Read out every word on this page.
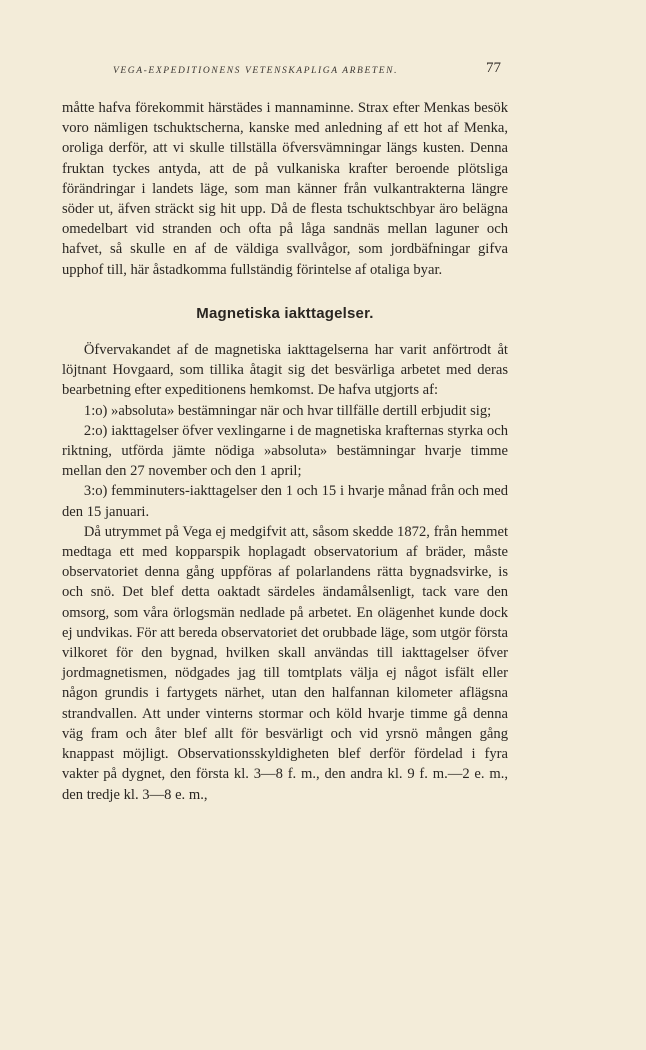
VEGA-EXPEDITIONENS VETENSKAPLIGA ARBETEN.	77

måtte hafva förekommit härstädes i mannaminne. Strax efter Menkas besök voro nämligen tschuktscherna, kanske med anledning af ett hot af Menka, oroliga derför, att vi skulle tillställa öfversvämningar längs kusten. Denna fruktan tyckes antyda, att de på vulkaniska krafter beroende plötsliga förändringar i landets läge, som man känner från vulkantrakterna längre söder ut, äfven sträckt sig hit upp. Då de flesta tschuktschbyar äro belägna omedelbart vid stranden och ofta på låga sandnäs mellan laguner och hafvet, så skulle en af de väldiga svallvågor, som jordbäfningar gifva upphof till, här åstadkomma fullständig förintelse af otaliga byar.

Magnetiska iakttagelser.

Öfvervakandet af de magnetiska iakttagelserna har varit anförtrodt åt löjtnant Hovgaard, som tillika åtagit sig det besvärliga arbetet med deras bearbetning efter expeditionens hemkomst. De hafva utgjorts af:

1:o) »absoluta» bestämningar när och hvar tillfälle dertill erbjudit sig;

2:o) iakttagelser öfver vexlingarne i de magnetiska krafternas styrka och riktning, utförda jämte nödiga »absoluta» bestämningar hvarje timme mellan den 27 november och den 1 april;

3:o) femminuters-iakttagelser den 1 och 15 i hvarje månad från och med den 15 januari.

Då utrymmet på Vega ej medgifvit att, såsom skedde 1872, från hemmet medtaga ett med kopparspik hoplagadt observatorium af bräder, måste observatoriet denna gång uppföras af polarlandens rätta bygnadsvirke, is och snö. Det blef detta oaktadt särdeles ändamålsenligt, tack vare den omsorg, som våra örlogsmän nedlade på arbetet. En olägenhet kunde dock ej undvikas. För att bereda observatoriet det orubbade läge, som utgör första vilkoret för den bygnad, hvilken skall användas till iakttagelser öfver jordmagnetismen, nödgades jag till tomtplats välja ej något isfält eller någon grundis i fartygets närhet, utan den halfannan kilometer aflägsna strandvallen. Att under vinterns stormar och köld hvarje timme gå denna väg fram och åter blef allt för besvärligt och vid yrsnö mången gång knappast möjligt. Observationsskyldigheten blef derför fördelad i fyra vakter på dygnet, den första kl. 3—8 f. m., den andra kl. 9 f. m.—2 e. m., den tredje kl. 3—8 e. m.,
